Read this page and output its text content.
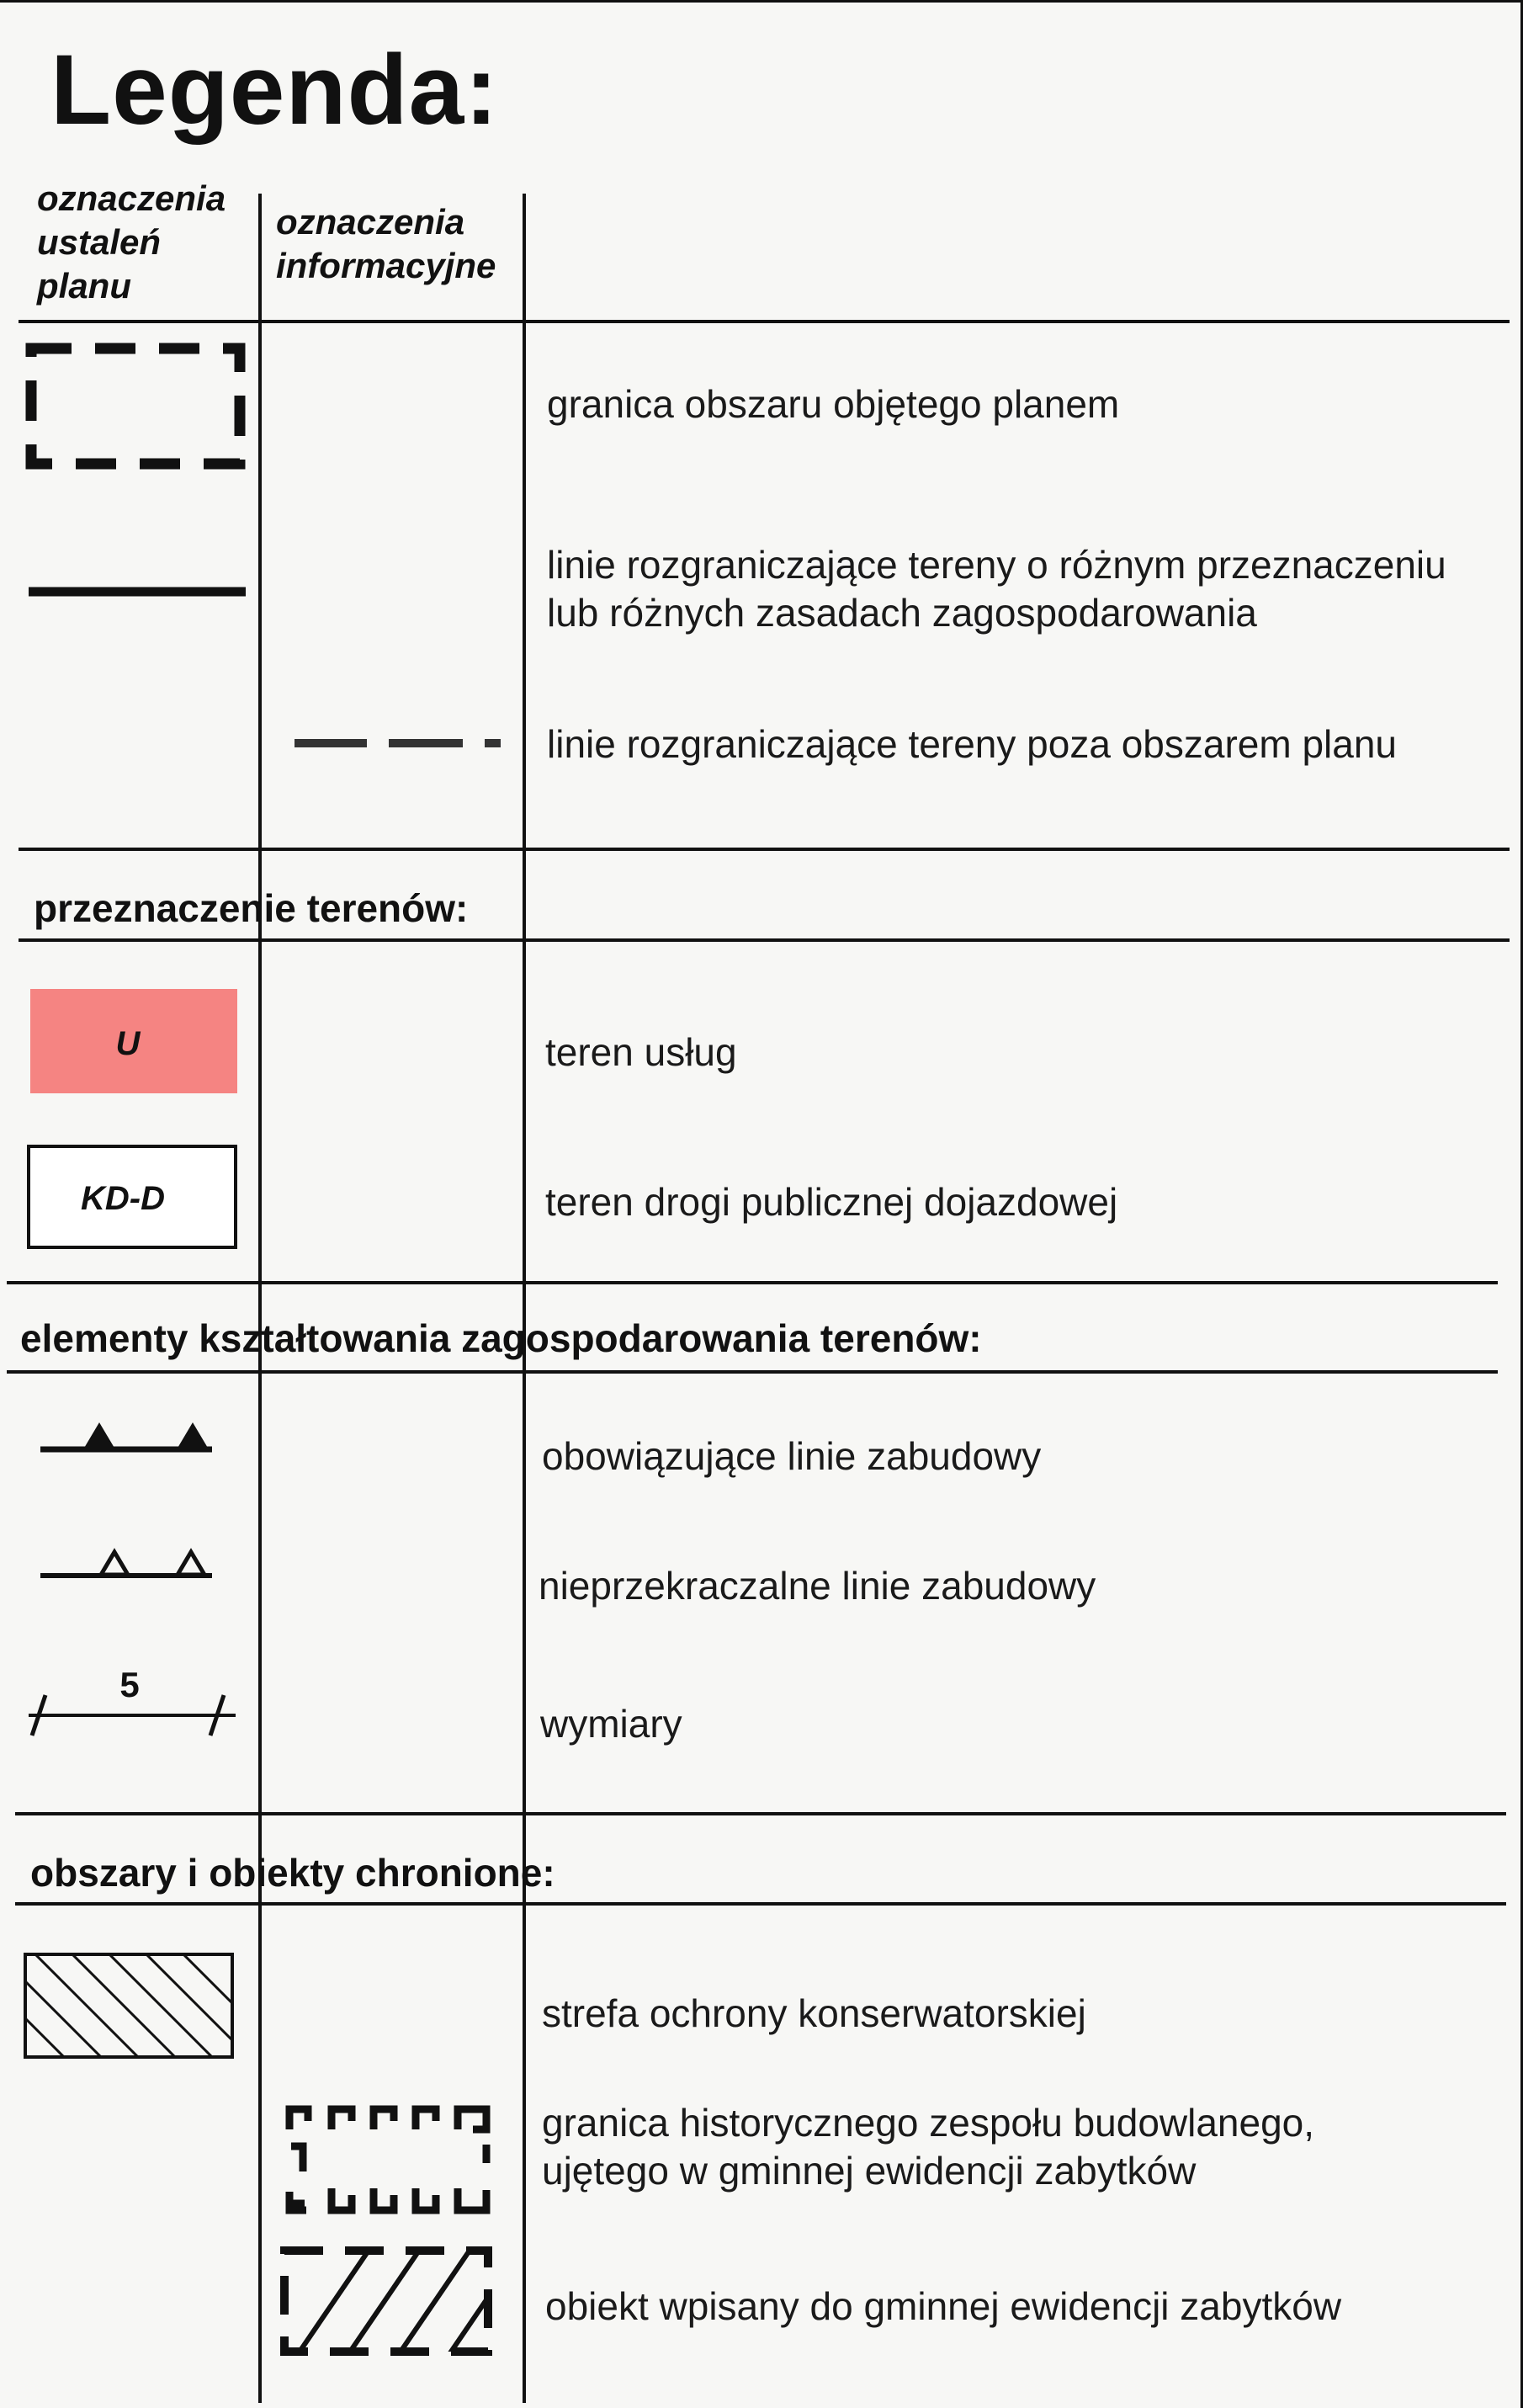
Legenda:
oznaczenia
ustaleń
planu
oznaczenia
informacyjne
przeznaczenie terenów:
elementy kształtowania zagospodarowania terenów:
obszary i obiekty chronione:
granica obszaru objętego planem
linie rozgraniczające tereny o różnym przeznaczeniu
lub różnych zasadach zagospodarowania
linie rozgraniczające tereny poza obszarem planu
U	teren usług
KD-D	teren drogi publicznej dojazdowej
obowiązujące linie zabudowy
nieprzekraczalne linie zabudowy
5
wymiary
strefa ochrony konserwatorskiej
granica historycznego zespołu budowlanego,
ujętego w gminnej ewidencji zabytków
obiekt wpisany do gminnej ewidencji zabytków
